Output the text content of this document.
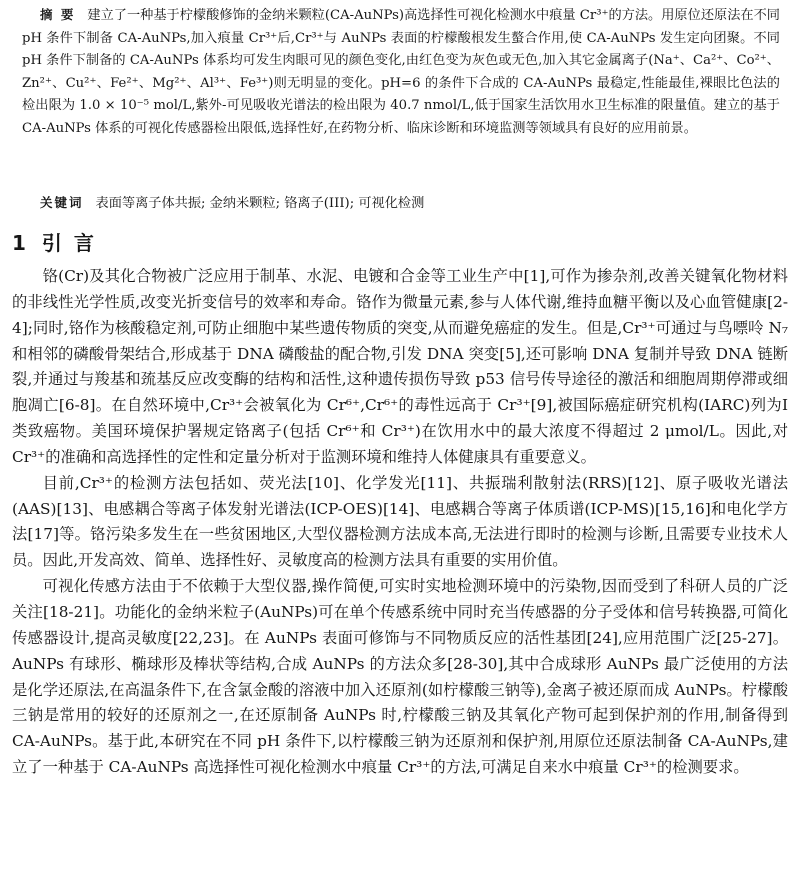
摘 要 建立了一种基于柠檬酸修饰的金纳米颗粒(CA-AuNPs)高选择性可视化检测水中痕量 Cr³⁺的方法。用原位还原法在不同 pH 条件下制备 CA-AuNPs,加入痕量 Cr³⁺后,Cr³⁺与 AuNPs 表面的柠檬酸根发生螯合作用,使 CA-AuNPs 发生定向团聚。不同 pH 条件下制备的 CA-AuNPs 体系均可发生肉眼可见的颜色变化,由红色变为灰色或无色,加入其它金属离子(Na⁺、Ca²⁺、Co²⁺、Zn²⁺、Cu²⁺、Fe²⁺、Mg²⁺、Al³⁺、Fe³⁺)则无明显的变化。pH=6 的条件下合成的 CA-AuNPs 最稳定,性能最佳,裸眼比色法的检出限为 1.0 × 10⁻⁵ mol/L,紫外-可见吸收光谱法的检出限为 40.7 nmol/L,低于国家生活饮用水卫生标准的限量值。建立的基于 CA-AuNPs 体系的可视化传感器检出限低,选择性好,在药物分析、临床诊断和环境监测等领域具有良好的应用前景。

关键词 表面等离子体共振; 金纳米颗粒; 铬离子(III); 可视化检测
1 引言

铬(Cr)及其化合物被广泛应用于制革、水泥、电镀和合金等工业生产中[1],可作为掺杂剂,改善关键氧化物材料的非线性光学性质,改变光折变信号的效率和寿命。铬作为微量元素,参与人体代谢,维持血糖平衡以及心血管健康[2-4];同时,铬作为核酸稳定剂,可防止细胞中某些遗传物质的突变,从而避免癌症的发生。但是,Cr³⁺可通过与鸟嘌呤 N₇和相邻的磷酸骨架结合,形成基于 DNA 磷酸盐的配合物,引发 DNA 突变[5],还可影响 DNA 复制并导致 DNA 链断裂,并通过与羧基和巯基反应改变酶的结构和活性,这种遗传损伤导致 p53 信号传导途径的激活和细胞周期停滞或细胞凋亡[6-8]。在自然环境中,Cr³⁺会被氧化为 Cr⁶⁺,Cr⁶⁺的毒性远高于 Cr³⁺[9],被国际癌症研究机构(IARC)列为Ⅰ类致癌物。美国环境保护署规定铬离子(包括 Cr⁶⁺和 Cr³⁺)在饮用水中的最大浓度不得超过 2 μmol/L。因此,对 Cr³⁺的准确和高选择性的定性和定量分析对于监测环境和维持人体健康具有重要意义。

目前,Cr³⁺的检测方法包括如、荧光法[10]、化学发光[11]、共振瑞利散射法(RRS)[12]、原子吸收光谱法(AAS)[13]、电感耦合等离子体发射光谱法(ICP-OES)[14]、电感耦合等离子体质谱(ICP-MS)[15,16]和电化学方法[17]等。铬污染多发生在一些贫困地区,大型仪器检测方法成本高,无法进行即时的检测与诊断,且需要专业技术人员。因此,开发高效、简单、选择性好、灵敏度高的检测方法具有重要的实用价值。

可视化传感方法由于不依赖于大型仪器,操作简便,可实时实地检测环境中的污染物,因而受到了科研人员的广泛关注[18-21]。功能化的金纳米粒子(AuNPs)可在单个传感系统中同时充当传感器的分子受体和信号转换器,可简化传感器设计,提高灵敏度[22,23]。在 AuNPs 表面可修饰与不同物质反应的活性基团[24],应用范围广泛[25-27]。AuNPs 有球形、椭球形及棒状等结构,合成 AuNPs 的方法众多[28-30],其中合成球形 AuNPs 最广泛使用的方法是化学还原法,在高温条件下,在含氯金酸的溶液中加入还原剂(如柠檬酸三钠等),金离子被还原而成 AuNPs。柠檬酸三钠是常用的较好的还原剂之一,在还原制备 AuNPs 时,柠檬酸三钠及其氧化产物可起到保护剂的作用,制备得到 CA-AuNPs。基于此,本研究在不同 pH 条件下,以柠檬酸三钠为还原剂和保护剂,用原位还原法制备 CA-AuNPs,建立了一种基于 CA-AuNPs 高选择性可视化检测水中痕量 Cr³⁺的方法,可满足自来水中痕量 Cr³⁺的检测要求。
